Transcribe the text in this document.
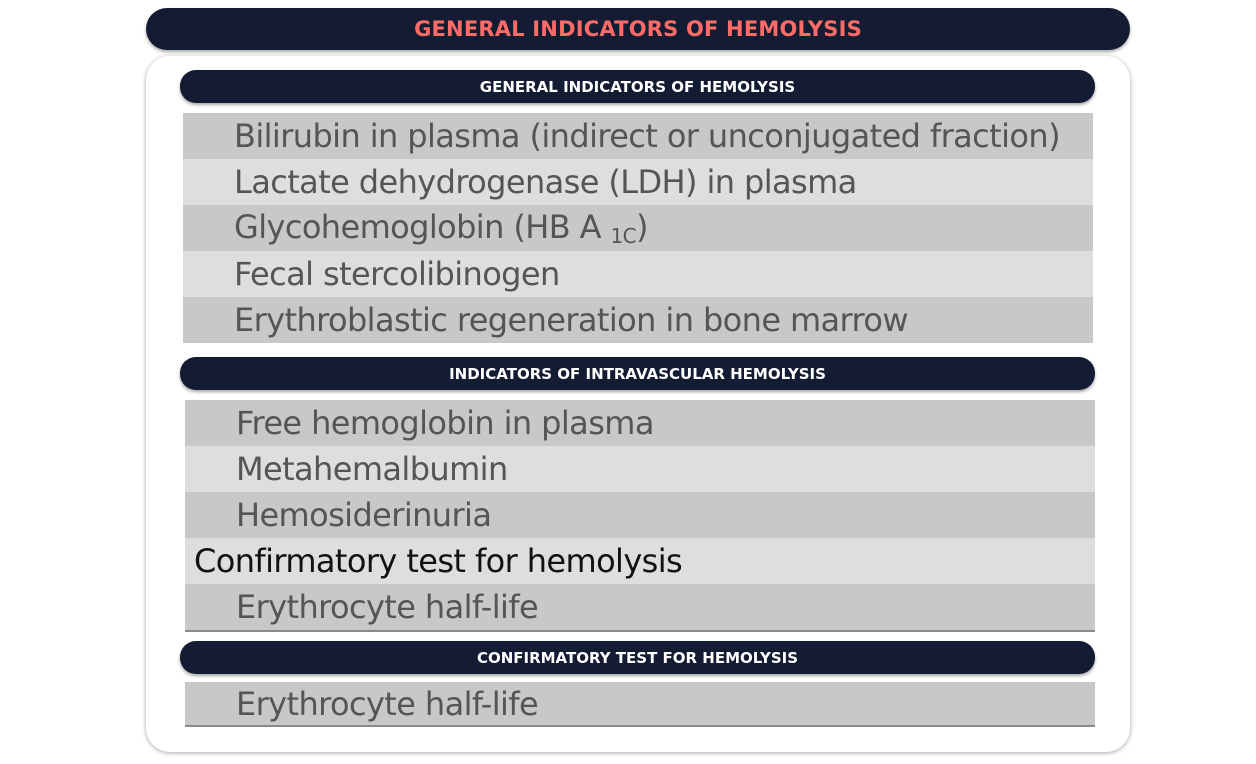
GENERAL INDICATORS OF HEMOLYSIS
GENERAL INDICATORS OF HEMOLYSIS
Bilirubin in plasma (indirect or unconjugated fraction)
Lactate dehydrogenase (LDH) in plasma
Glycohemoglobin (HB A $_{1C}$)
Fecal stercolibinogen
Erythroblastic regeneration in bone marrow
INDICATORS OF INTRAVASCULAR HEMOLYSIS
Free hemoglobin in plasma
Metahemalbumin
Hemosiderinuria
Confirmatory test for hemolysis
Erythrocyte half-life
CONFIRMATORY TEST FOR HEMOLYSIS
Erythrocyte half-life
